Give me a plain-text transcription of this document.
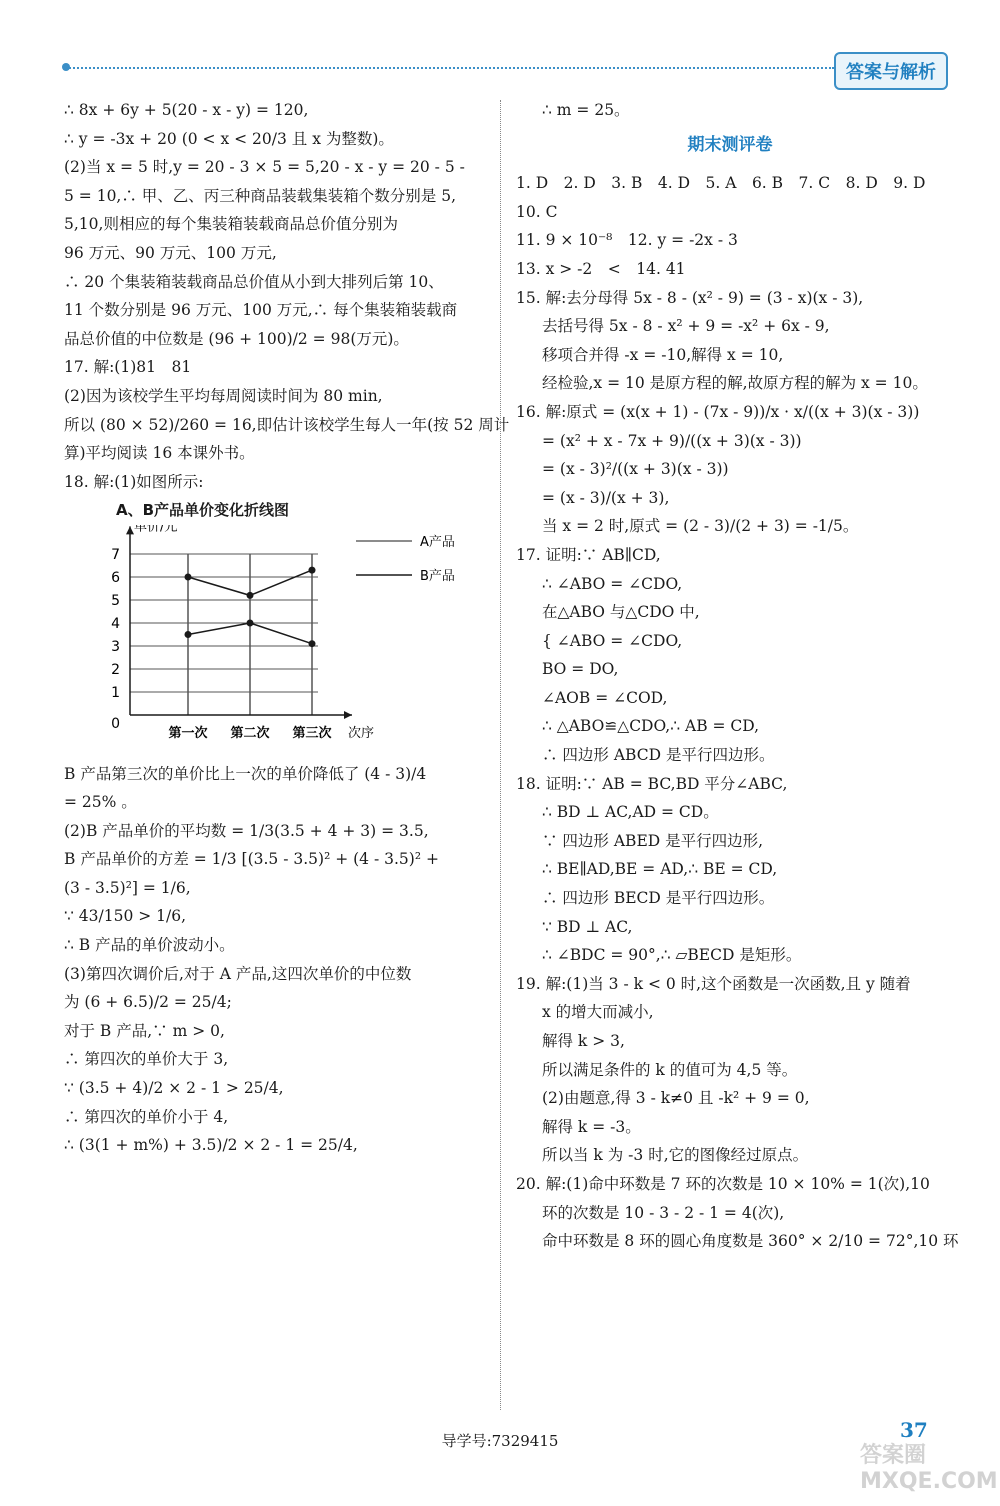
答案与解析
∴ 8x + 6y + 5(20 - x - y) = 120,
∴ y = -3x + 20 (0 < x < 20/3 且 x 为整数)。
(2)当 x = 5 时,y = 20 - 3 × 5 = 5,20 - x - y = 20 - 5 -
5 = 10,∴ 甲、乙、丙三种商品装载集装箱个数分别是 5,
5,10,则相应的每个集装箱装载商品总价值分别为
96 万元、90 万元、100 万元,
∴ 20 个集装箱装载商品总价值从小到大排列后第 10、
11 个数分别是 96 万元、100 万元,∴ 每个集装箱装载商
品总价值的中位数是 (96 + 100)/2 = 98(万元)。
17. 解:(1)81　81
(2)因为该校学生平均每周阅读时间为 80 min,
所以 (80 × 52)/260 = 16,即估计该校学生每人一年(按 52 周计
算)平均阅读 16 本课外书。
18. 解:(1)如图所示:
A、B产品单价变化折线图
单价/元
次序
0
1
2
3
4
5
6
7
第一次 第二次 第三次
A产品
B产品
B 产品第三次的单价比上一次的单价降低了 (4 - 3)/4
= 25% 。
(2)B 产品单价的平均数 = 1/3(3.5 + 4 + 3) = 3.5,
B 产品单价的方差 = 1/3 [(3.5 - 3.5)² + (4 - 3.5)² +
(3 - 3.5)²] = 1/6,
∵ 43/150 > 1/6,
∴ B 产品的单价波动小。
(3)第四次调价后,对于 A 产品,这四次单价的中位数
为 (6 + 6.5)/2 = 25/4;
对于 B 产品,∵ m > 0,
∴ 第四次的单价大于 3,
∵ (3.5 + 4)/2 × 2 - 1 > 25/4,
∴ 第四次的单价小于 4,
∴ (3(1 + m%) + 3.5)/2 × 2 - 1 = 25/4,
∴ m = 25。
期末测评卷
1. D　2. D　3. B　4. D　5. A　6. B　7. C　8. D　9. D
10. C
11. 9 × 10⁻⁸　12. y = -2x - 3
13. x > -2　<　14. 41
15. 解:去分母得 5x - 8 - (x² - 9) = (3 - x)(x - 3),
去括号得 5x - 8 - x² + 9 = -x² + 6x - 9,
移项合并得 -x = -10,解得 x = 10,
经检验,x = 10 是原方程的解,故原方程的解为 x = 10。
16. 解:原式 = (x(x + 1) - (7x - 9))/x · x/((x + 3)(x - 3))
= (x² + x - 7x + 9)/((x + 3)(x - 3))
= (x - 3)²/((x + 3)(x - 3))
= (x - 3)/(x + 3),
当 x = 2 时,原式 = (2 - 3)/(2 + 3) = -1/5。
17. 证明:∵ AB∥CD,
∴ ∠ABO = ∠CDO,
在△ABO 与△CDO 中,
{ ∠ABO = ∠CDO,
BO = DO,
∠AOB = ∠COD,
∴ △ABO≌△CDO,∴ AB = CD,
∴ 四边形 ABCD 是平行四边形。
18. 证明:∵ AB = BC,BD 平分∠ABC,
∴ BD ⊥ AC,AD = CD。
∵ 四边形 ABED 是平行四边形,
∴ BE∥AD,BE = AD,∴ BE = CD,
∴ 四边形 BECD 是平行四边形。
∵ BD ⊥ AC,
∴ ∠BDC = 90°,∴ ▱BECD 是矩形。
19. 解:(1)当 3 - k < 0 时,这个函数是一次函数,且 y 随着
x 的增大而减小,
解得 k > 3,
所以满足条件的 k 的值可为 4,5 等。
(2)由题意,得 3 - k≠0 且 -k² + 9 = 0,
解得 k = -3。
所以当 k 为 -3 时,它的图像经过原点。
20. 解:(1)命中环数是 7 环的次数是 10 × 10% = 1(次),10
环的次数是 10 - 3 - 2 - 1 = 4(次),
命中环数是 8 环的圆心角度数是 360° × 2/10 = 72°,10 环
导学号:7329415	37
答案圈 MXQE.COM
